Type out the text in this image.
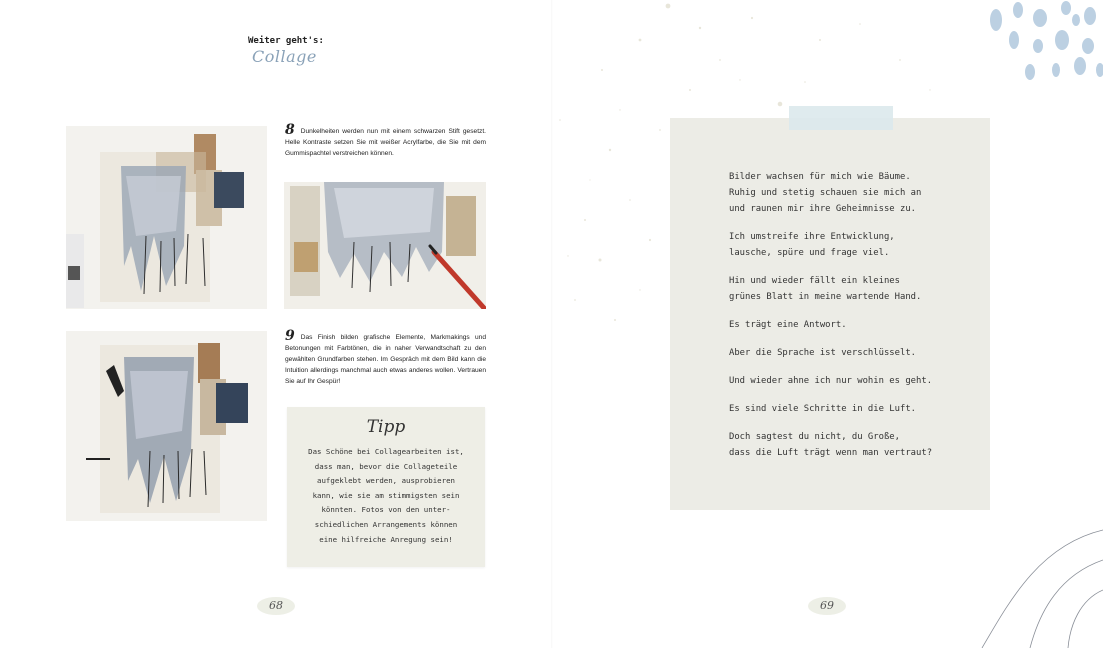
Weiter geht's:
Collage
8 Dunkelheiten werden nun mit einem schwarzen Stift gesetzt. Helle Kontraste setzen Sie mit weißer Acrylfarbe, die Sie mit dem Gummispachtel verstreichen können.
9 Das Finish bilden grafische Elemente, Markmakings und Betonungen mit Farbtönen, die in naher Verwandtschaft zu den gewählten Grundfarben stehen. Im Gespräch mit dem Bild kann die Intuition allerdings manchmal auch etwas anderes wollen. Vertrauen Sie auf Ihr Gespür!
Tipp
Das Schöne bei Collagearbeiten ist,
dass man, bevor die Collageteile
aufgeklebt werden, ausprobieren
kann, wie sie am stimmigsten sein
könnten. Fotos von den unter-
schiedlichen Arrangements können
eine hilfreiche Anregung sein!
68

Bilder wachsen für mich wie Bäume.
Ruhig und stetig schauen sie mich an
und raunen mir ihre Geheimnisse zu.

Ich umstreife ihre Entwicklung,
lausche, spüre und frage viel.

Hin und wieder fällt ein kleines
grünes Blatt in meine wartende Hand.

Es trägt eine Antwort.

Aber die Sprache ist verschlüsselt.

Und wieder ahne ich nur wohin es geht.

Es sind viele Schritte in die Luft.

Doch sagtest du nicht, du Große,
dass die Luft trägt wenn man vertraut?

69
